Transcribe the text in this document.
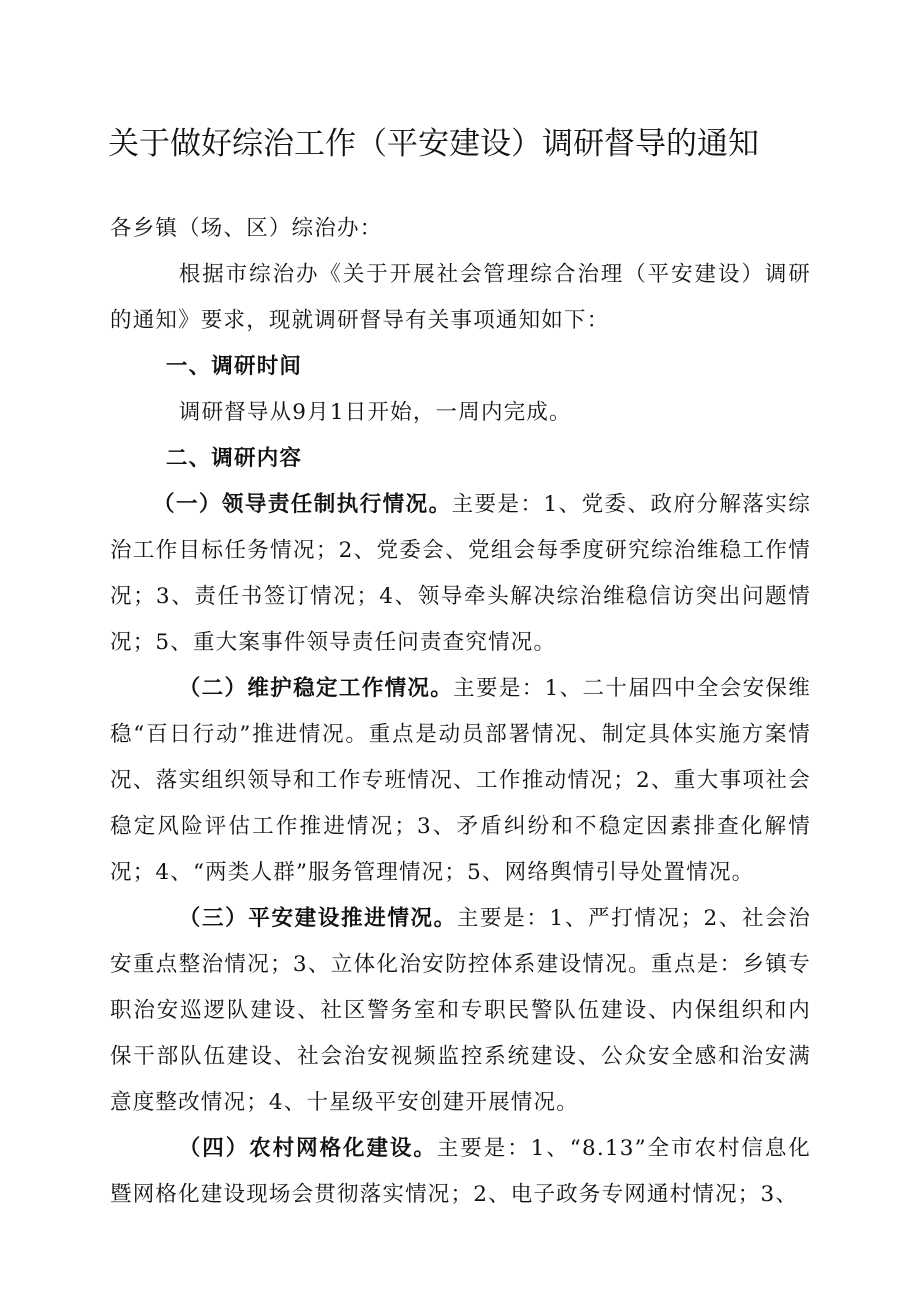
关于做好综治工作（平安建设）调研督导的通知

各乡镇（场、区）综治办：

根据市综治办《关于开展社会管理综合治理（平安建设）调研的通知》要求，现就调研督导有关事项通知如下：

一、调研时间

调研督导从9月1日开始，一周内完成。

二、调研内容

（一）领导责任制执行情况。主要是：1、党委、政府分解落实综治工作目标任务情况；2、党委会、党组会每季度研究综治维稳工作情况；3、责任书签订情况；4、领导牵头解决综治维稳信访突出问题情况；5、重大案事件领导责任问责查究情况。

（二）维护稳定工作情况。主要是：1、二十届四中全会安保维稳“百日行动”推进情况。重点是动员部署情况、制定具体实施方案情况、落实组织领导和工作专班情况、工作推动情况；2、重大事项社会稳定风险评估工作推进情况；3、矛盾纠纷和不稳定因素排查化解情况；4、“两类人群”服务管理情况；5、网络舆情引导处置情况。

（三）平安建设推进情况。主要是：1、严打情况；2、社会治安重点整治情况；3、立体化治安防控体系建设情况。重点是：乡镇专职治安巡逻队建设、社区警务室和专职民警队伍建设、内保组织和内保干部队伍建设、社会治安视频监控系统建设、公众安全感和治安满意度整改情况；4、十星级平安创建开展情况。

（四）农村网格化建设。主要是：1、“8.13”全市农村信息化暨网格化建设现场会贯彻落实情况；2、电子政务专网通村情况；3、
